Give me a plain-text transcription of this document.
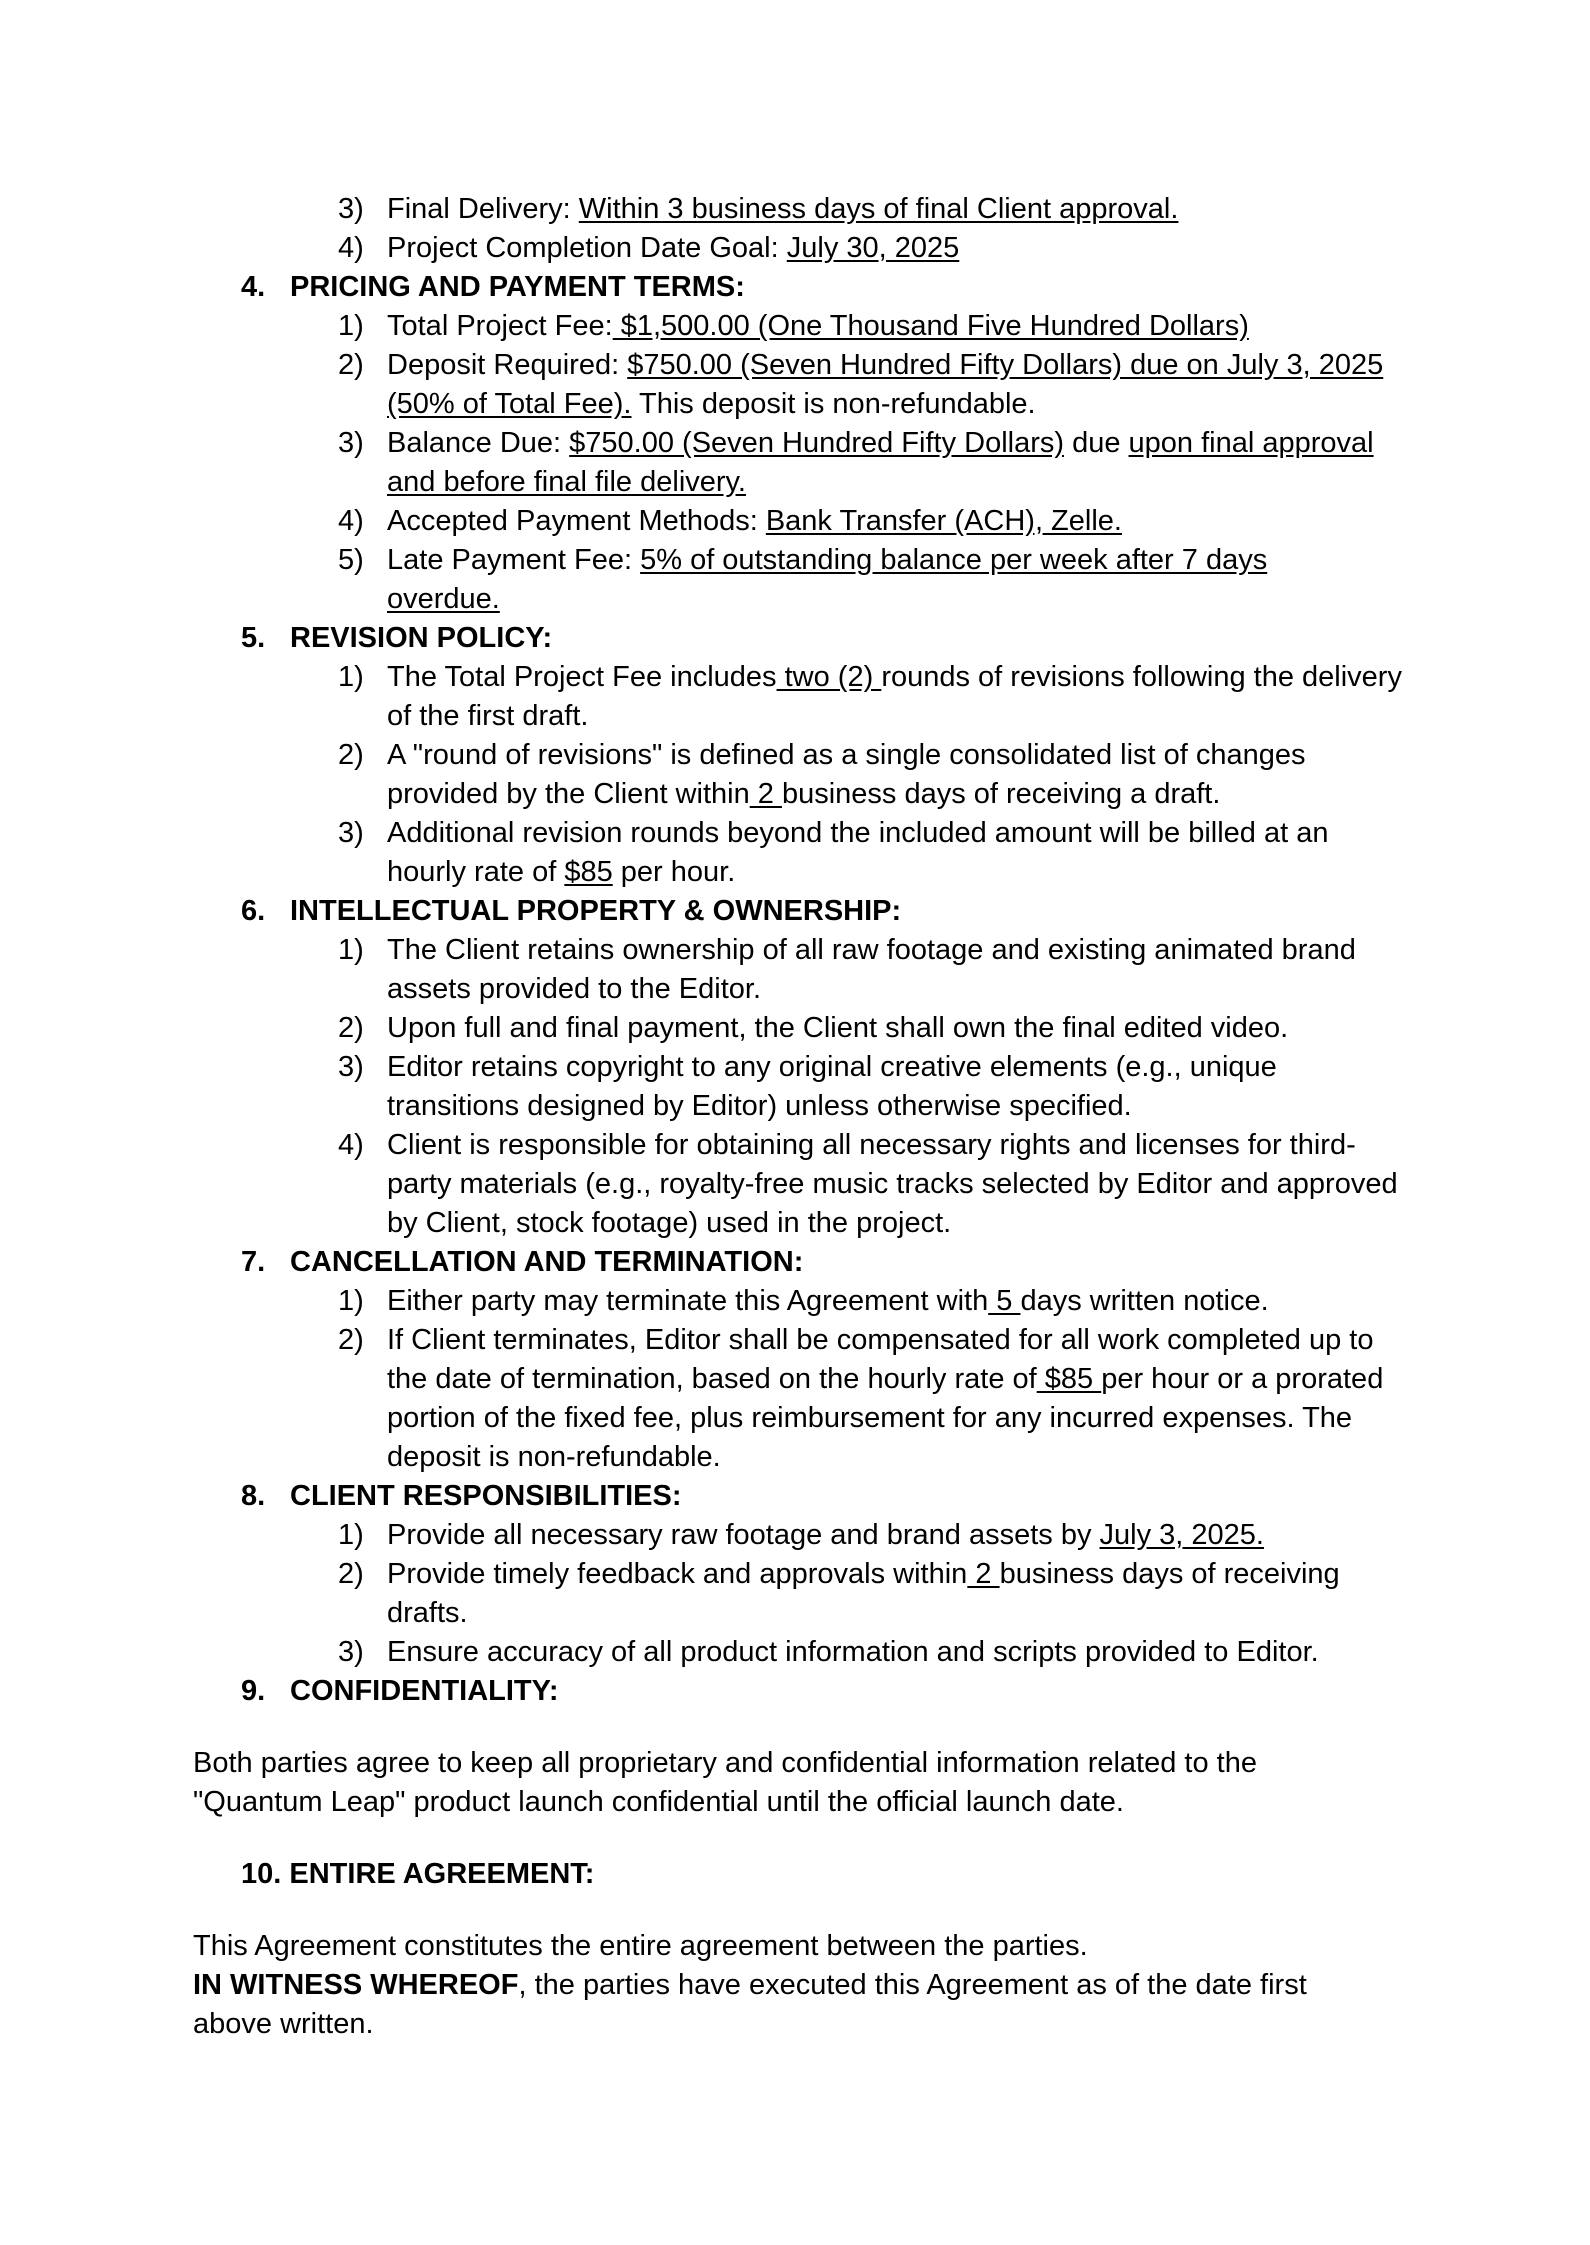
3) Final Delivery: Within 3 business days of final Client approval.
4) Project Completion Date Goal: July 30, 2025
4. PRICING AND PAYMENT TERMS:
1) Total Project Fee: $1,500.00 (One Thousand Five Hundred Dollars)
2) Deposit Required: $750.00 (Seven Hundred Fifty Dollars) due on July 3, 2025 (50% of Total Fee). This deposit is non-refundable.
3) Balance Due: $750.00 (Seven Hundred Fifty Dollars) due upon final approval and before final file delivery.
4) Accepted Payment Methods: Bank Transfer (ACH), Zelle.
5) Late Payment Fee: 5% of outstanding balance per week after 7 days overdue.
5. REVISION POLICY:
1) The Total Project Fee includes two (2) rounds of revisions following the delivery of the first draft.
2) A "round of revisions" is defined as a single consolidated list of changes provided by the Client within 2 business days of receiving a draft.
3) Additional revision rounds beyond the included amount will be billed at an hourly rate of $85 per hour.
6. INTELLECTUAL PROPERTY & OWNERSHIP:
1) The Client retains ownership of all raw footage and existing animated brand assets provided to the Editor.
2) Upon full and final payment, the Client shall own the final edited video.
3) Editor retains copyright to any original creative elements (e.g., unique transitions designed by Editor) unless otherwise specified.
4) Client is responsible for obtaining all necessary rights and licenses for third-party materials (e.g., royalty-free music tracks selected by Editor and approved by Client, stock footage) used in the project.
7. CANCELLATION AND TERMINATION:
1) Either party may terminate this Agreement with 5 days written notice.
2) If Client terminates, Editor shall be compensated for all work completed up to the date of termination, based on the hourly rate of $85 per hour or a prorated portion of the fixed fee, plus reimbursement for any incurred expenses. The deposit is non-refundable.
8. CLIENT RESPONSIBILITIES:
1) Provide all necessary raw footage and brand assets by July 3, 2025.
2) Provide timely feedback and approvals within 2 business days of receiving drafts.
3) Ensure accuracy of all product information and scripts provided to Editor.
9. CONFIDENTIALITY:
Both parties agree to keep all proprietary and confidential information related to the "Quantum Leap" product launch confidential until the official launch date.
10. ENTIRE AGREEMENT:
This Agreement constitutes the entire agreement between the parties.
IN WITNESS WHEREOF, the parties have executed this Agreement as of the date first above written.
